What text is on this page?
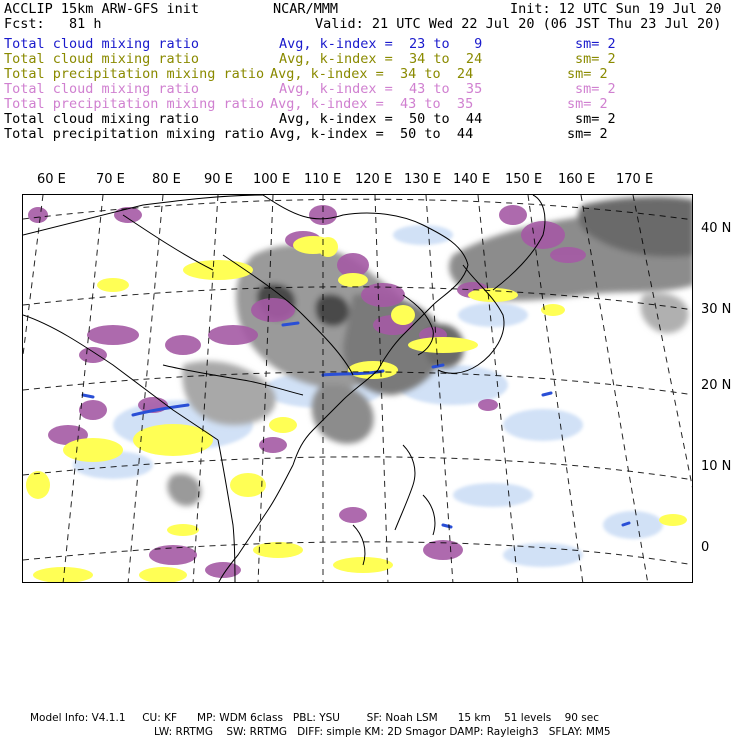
ACCLIP 15km ARW-GFS init	NCAR/MMM	Init: 12 UTC Sun 19 Jul 20
Fcst:   81 h	Valid: 21 UTC Wed 22 Jul 20 (06 JST Thu 23 Jul 20)
Total cloud mixing ratio	Avg, k-index =  23 to   9	sm= 2
Total cloud mixing ratio	Avg, k-index =  34 to  24	sm= 2
Total precipitation mixing ratio Avg, k-index =  34 to  24	sm= 2
Total cloud mixing ratio	Avg, k-index =  43 to  35	sm= 2
Total precipitation mixing ratio Avg, k-index =  43 to  35	sm= 2
Total cloud mixing ratio	Avg, k-index =  50 to  44	sm= 2
Total precipitation mixing ratio Avg, k-index =  50 to  44	sm= 2
60 E 70 E 80 E 90 E 100 E 110 E 120 E 130 E 140 E 150 E 160 E 170 E
40 N
30 N
20 N
10 N
0
Model Info: V4.1.1     CU: KF      MP: WDM 6class   PBL: YSU        SF: Noah LSM      15 km    51 levels    90 sec
LW: RRTMG    SW: RRTMG   DIFF: simple KM: 2D Smagor DAMP: Rayleigh3   SFLAY: MM5
